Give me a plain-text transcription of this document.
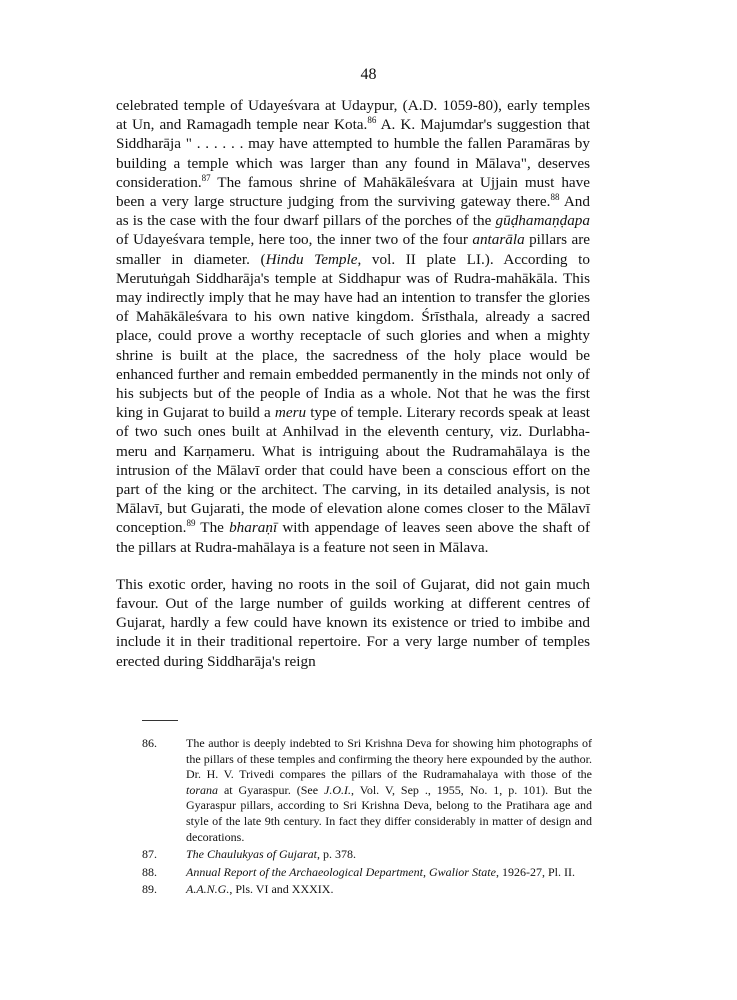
48

celebrated temple of Udayeśvara at Udaypur, (A.D. 1059-80), early temples at Un, and Ramagadh temple near Kota.$^{86}$ A. K. Majumdar's suggestion that Siddharāja " . . . . . . may have attempted to humble the fallen Paramāras by building a temple which was larger than any found in Mālava", deserves consideration.$^{87}$ The famous shrine of Mahākāleśvara at Ujjain must have been a very large structure judging from the surviving gateway there.$^{88}$ And as is the case with the four dwarf pillars of the porches of the gūḍhamaṇḍapa of Udayeśvara temple, here too, the inner two of the four antarāla pillars are smaller in diameter. (Hindu Temple, vol. II plate LI.). According to Merutuṅgah Siddharāja's temple at Siddhapur was of Rudra-mahākāla. This may indirectly imply that he may have had an intention to transfer the glories of Mahākāleśvara to his own native kingdom. Śrīsthala, already a sacred place, could prove a worthy receptacle of such glories and when a mighty shrine is built at the place, the sacredness of the holy place would be enhanced further and remain embedded permanently in the minds not only of his subjects but of the people of India as a whole. Not that he was the first king in Gujarat to build a meru type of temple. Literary records speak at least of two such ones built at Anhilvad in the eleventh century, viz. Durlabha-meru and Karṇameru. What is intriguing about the Rudramahālaya is the intrusion of the Mālavī order that could have been a conscious effort on the part of the king or the architect. The carving, in its detailed analysis, is not Mālavī, but Gujarati, the mode of elevation alone comes closer to the Mālavī conception.$^{89}$ The bharaṇī with appendage of leaves seen above the shaft of the pillars at Rudra-mahālaya is a feature not seen in Mālava.

This exotic order, having no roots in the soil of Gujarat, did not gain much favour. Out of the large number of guilds working at different centres of Gujarat, hardly a few could have known its existence or tried to imbibe and include it in their traditional repertoire. For a very large number of temples erected during Siddharāja's reign

86.	The author is deeply indebted to Sri Krishna Deva for showing him photographs of the pillars of these temples and confirming the theory here expounded by the author. Dr. H. V. Trivedi compares the pillars of the Rudramahalaya with those of the torana at Gyaraspur. (See J.O.I., Vol. V, Sep ., 1955, No. 1, p. 101). But the Gyaraspur pillars, according to Sri Krishna Deva, belong to the Pratihara age and style of the late 9th century. In fact they differ considerably in matter of design and decorations.
87.	The Chaulukyas of Gujarat, p. 378.
88.	Annual Report of the Archaeological Department, Gwalior State, 1926-27, Pl. II.
89.	A.A.N.G., Pls. VI and XXXIX.
